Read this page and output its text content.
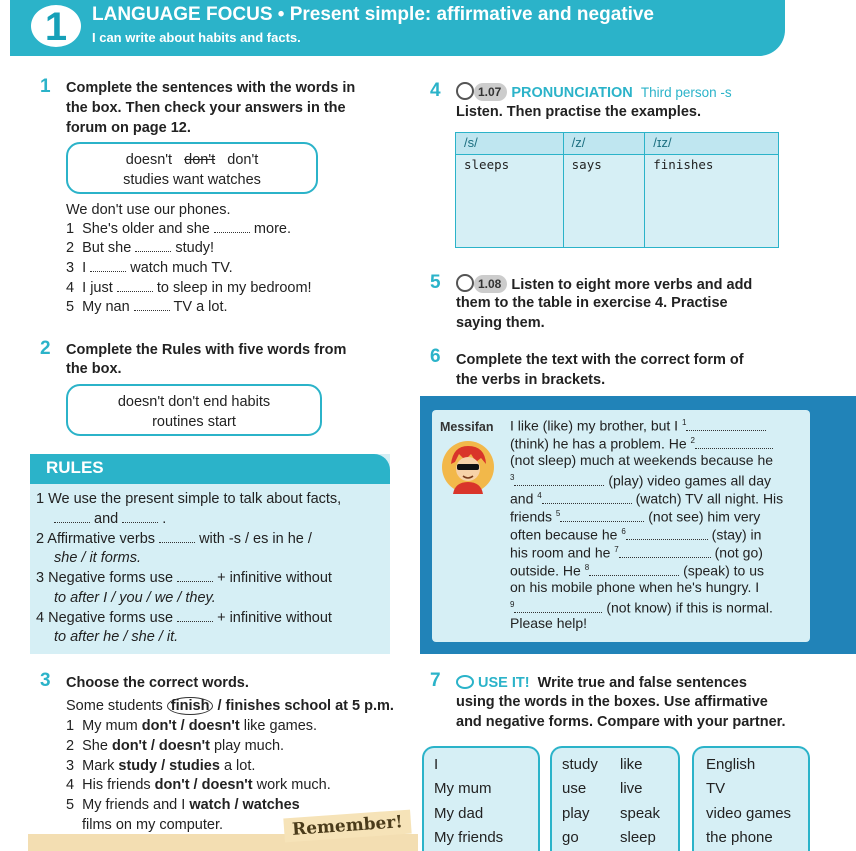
1	LANGUAGE FOCUS • Present simple: affirmative and negative
I can write about habits and facts.
1 Complete the sentences with the words in
the box. Then check your answers in the
forum on page 12.
doesn't don't don't
studies want watches
We don't use our phones.
1 She's older and she	more.
2 But she	study!
3 I	watch much TV.
4 I just	to sleep in my bedroom!
5 My nan	TV a lot.
2 Complete the Rules with five words from
the box.
doesn't don't end habits
routines start
RULES
1 We use the present simple to talk about facts,
and	.
2 Affirmative verbs	with -s / es in he /
she / it forms.
3 Negative forms use	+ infinitive without
to after I / you / we / they.
4 Negative forms use	+ infinitive without
to after he / she / it.
3 Choose the correct words.
Some students finish / finishes school at 5 p.m.
1 My mum don't / doesn't like games.
2 She don't / doesn't play much.
3 Mark study / studies a lot.
4 His friends don't / doesn't work much.
5 My friends and I watch / watches
films on my computer.	Remember!
4	1.07 PRONUNCIATION Third person -s
Listen. Then practise the examples.
/s/	/z/	/ɪz/
sleeps	says	finishes
5	1.08 Listen to eight more verbs and add
them to the table in exercise 4. Practise
saying them.
6 Complete the text with the correct form of
the verbs in brackets.
Messifan I like (like) my brother, but I $^1$
(think) he has a problem. He $^2$
(not sleep) much at weekends because he
$^3$	(play) video games all day
and $^4$	(watch) TV all night. His
friends $^5$	(not see) him very
often because he $^6$	(stay) in
his room and he $^7$	(not go)
outside. He $^8$	(speak) to us
on his mobile phone when he's hungry. I
$^9$	(not know) if this is normal.
Please help!
7	USE IT! Write true and false sentences
using the words in the boxes. Use affirmative
and negative forms. Compare with your partner.
I
My mum
My dad
My friends
study
use
play
go
like
live
speak
sleep
English
TV
video games
the phone
